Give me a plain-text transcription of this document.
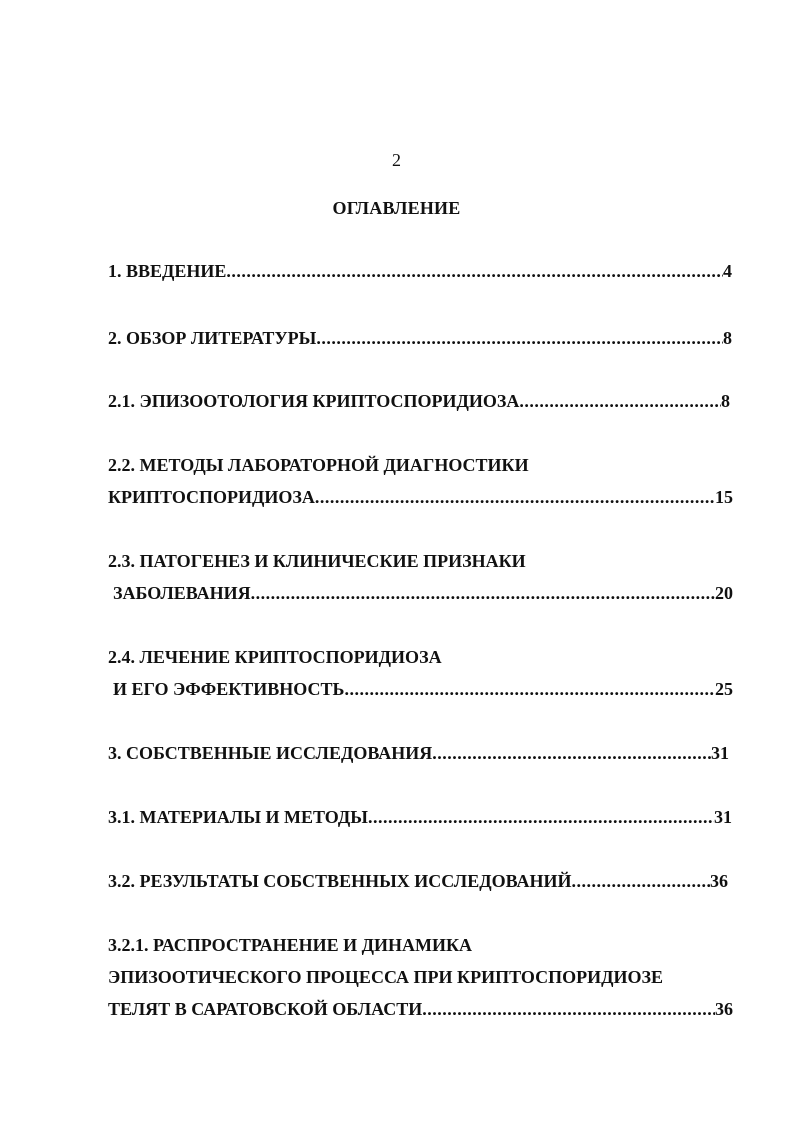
2
ОГЛАВЛЕНИЕ
1. ВВЕДЕНИЕ .....	4
2. ОБЗОР ЛИТЕРАТУРЫ .....	8
2.1. ЭПИЗООТОЛОГИЯ КРИПТОСПОРИДИОЗА .....	8
2.2. МЕТОДЫ ЛАБОРАТОРНОЙ ДИАГНОСТИКИ
КРИПТОСПОРИДИОЗА .....	15
2.3. ПАТОГЕНЕЗ И КЛИНИЧЕСКИЕ ПРИЗНАКИ
ЗАБОЛЕВАНИЯ .....	20
2.4. ЛЕЧЕНИЕ КРИПТОСПОРИДИОЗА
И ЕГО ЭФФЕКТИВНОСТЬ .....	25
3. СОБСТВЕННЫЕ ИССЛЕДОВАНИЯ .....	31
3.1. МАТЕРИАЛЫ И МЕТОДЫ .....	31
3.2. РЕЗУЛЬТАТЫ СОБСТВЕННЫХ ИССЛЕДОВАНИЙ .....	36
3.2.1. РАСПРОСТРАНЕНИЕ И ДИНАМИКА
ЭПИЗООТИЧЕСКОГО ПРОЦЕССА ПРИ КРИПТОСПОРИДИОЗЕ
ТЕЛЯТ В САРАТОВСКОЙ ОБЛАСТИ .....	36
